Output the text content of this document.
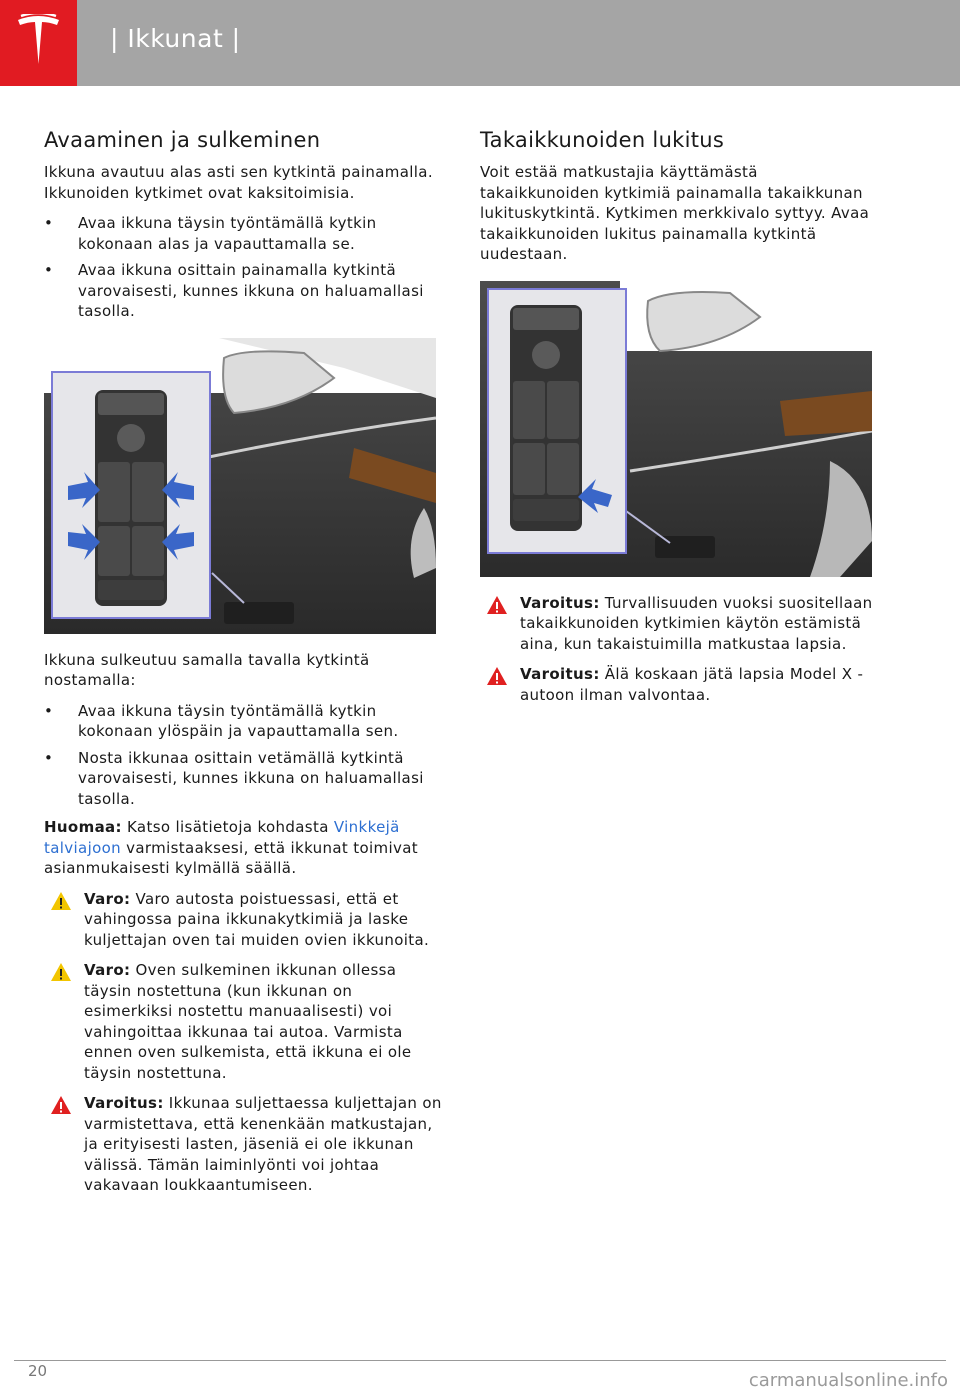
| Ikkunat |
Avaaminen ja sulkeminen

Ikkuna avautuu alas asti sen kytkintä painamalla. Ikkunoiden kytkimet ovat kaksitoimisia.

• Avaa ikkuna täysin työntämällä kytkin kokonaan alas ja vapauttamalla se.
• Avaa ikkuna osittain painamalla kytkintä varovaisesti, kunnes ikkuna on haluamallasi tasolla.

Ikkuna sulkeutuu samalla tavalla kytkintä nostamalla:

• Avaa ikkuna täysin työntämällä kytkin kokonaan ylöspäin ja vapauttamalla sen.
• Nosta ikkunaa osittain vetämällä kytkintä varovaisesti, kunnes ikkuna on haluamallasi tasolla.

Huomaa: Katso lisätietoja kohdasta Vinkkejä talviajoon varmistaaksesi, että ikkunat toimivat asianmukaisesti kylmällä säällä.

Varo: Varo autosta poistuessasi, että et vahingossa paina ikkunakytkimiä ja laske kuljettajan oven tai muiden ovien ikkunoita.
Varo: Oven sulkeminen ikkunan ollessa täysin nostettuna (kun ikkunan on esimerkiksi nostettu manuaalisesti) voi vahingoittaa ikkunaa tai autoa. Varmista ennen oven sulkemista, että ikkuna ei ole täysin nostettuna.
Varoitus: Ikkunaa suljettaessa kuljettajan on varmistettava, että kenenkään matkustajan, ja erityisesti lasten, jäseniä ei ole ikkunan välissä. Tämän laiminlyönti voi johtaa vakavaan loukkaantumiseen.
Takaikkunoiden lukitus

Voit estää matkustajia käyttämästä takaikkunoiden kytkimiä painamalla takaikkunan lukituskytkintä. Kytkimen merkkivalo syttyy. Avaa takaikkunoiden lukitus painamalla kytkintä uudestaan.

Varoitus: Turvallisuuden vuoksi suositellaan takaikkunoiden kytkimien käytön estämistä aina, kun takaistuimilla matkustaa lapsia.
Varoitus: Älä koskaan jätä lapsia Model X -autoon ilman valvontaa.
20	carmanualsonline.info
